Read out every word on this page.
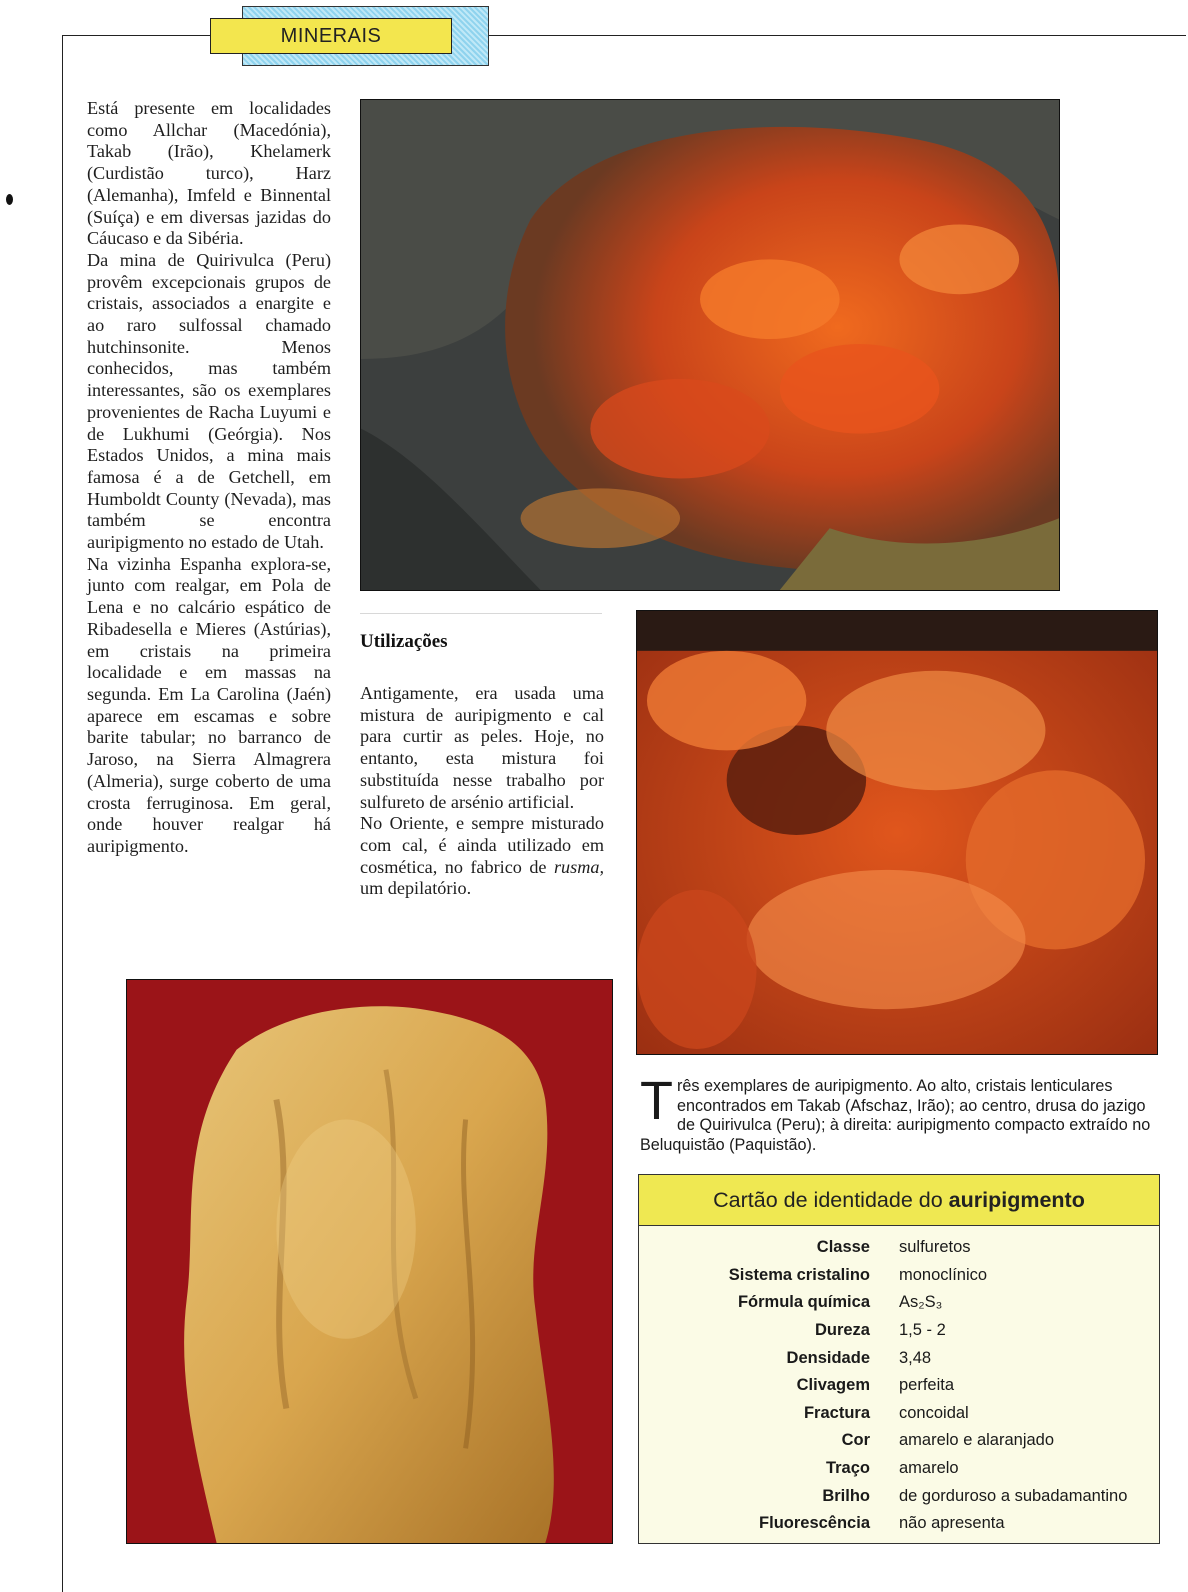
MINERAIS

Está presente em localidades como Allchar (Macedónia), Takab (Irão), Khelamerk (Curdistão turco), Harz (Alemanha), Imfeld e Binnental (Suíça) e em diversas jazidas do Cáucaso e da Sibéria.

Da mina de Quirivulca (Peru) provêm excepcionais grupos de cristais, associados a enargite e ao raro sulfossal chamado hutchinsonite. Menos conhecidos, mas também interessantes, são os exemplares provenientes de Racha Luyumi e de Lukhumi (Geórgia). Nos Estados Unidos, a mina mais famosa é a de Getchell, em Humboldt County (Nevada), mas também se encontra auripigmento no estado de Utah.

Na vizinha Espanha explora-se, junto com realgar, em Pola de Lena e no calcário espático de Ribadesella e Mieres (Astúrias), em cristais na primeira localidade e em massas na segunda. Em La Carolina (Jaén) aparece em escamas e sobre barite tabular; no barranco de Jaroso, na Sierra Almagrera (Almeria), surge coberto de uma crosta ferruginosa. Em geral, onde houver realgar há auripigmento.

Utilizações

Antigamente, era usada uma mistura de auripigmento e cal para curtir as peles. Hoje, no entanto, esta mistura foi substituída nesse trabalho por sulfureto de arsénio artificial.

No Oriente, e sempre misturado com cal, é ainda utilizado em cosmética, no fabrico de rusma, um depilatório.

Três exemplares de auripigmento. Ao alto, cristais lenticulares encontrados em Takab (Afschaz, Irão); ao centro, drusa do jazigo de Quirivulca (Peru); à direita: auripigmento compacto extraído no Beluquistão (Paquistão).
Cartão de identidade do auripigmento
Classe sulfuretos
Sistema cristalino monoclínico
Fórmula química As₂S₃
Dureza 1,5 - 2
Densidade 3,48
Clivagem perfeita
Fractura concoidal
Cor amarelo e alaranjado
Traço amarelo
Brilho de gorduroso a subadamantino
Fluorescência não apresenta
